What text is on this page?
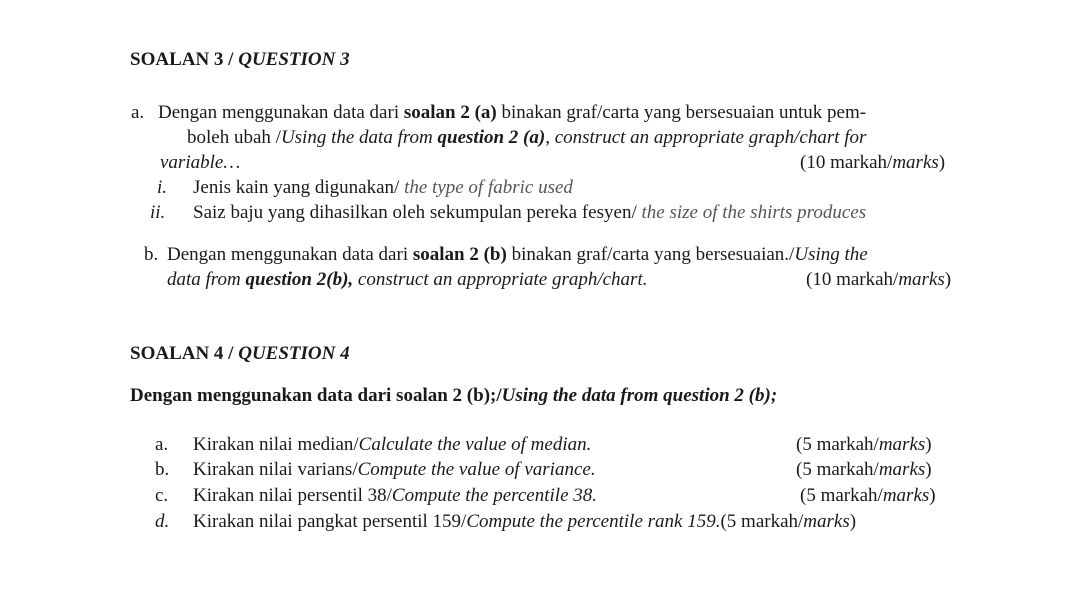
SOALAN 3 / QUESTION 3
a. Dengan menggunakan data dari soalan 2 (a) binakan graf/carta yang bersesuaian untuk pem-
boleh ubah /Using the data from question 2 (a), construct an appropriate graph/chart for
variable…	(10 markah/marks)
i. Jenis kain yang digunakan/ the type of fabric used
ii. Saiz baju yang dihasilkan oleh sekumpulan pereka fesyen/ the size of the shirts produces
b. Dengan menggunakan data dari soalan 2 (b) binakan graf/carta yang bersesuaian./Using the
data from question 2(b), construct an appropriate graph/chart.	(10 markah/marks)
SOALAN 4 / QUESTION 4
Dengan menggunakan data dari soalan 2 (b);/Using the data from question 2 (b);
a. Kirakan nilai median/Calculate the value of median.	(5 markah/marks)
b. Kirakan nilai varians/Compute the value of variance.	(5 markah/marks)
c. Kirakan nilai persentil 38/Compute the percentile 38.	(5 markah/marks)
d. Kirakan nilai pangkat persentil 159/Compute the percentile rank 159.(5 markah/marks)
